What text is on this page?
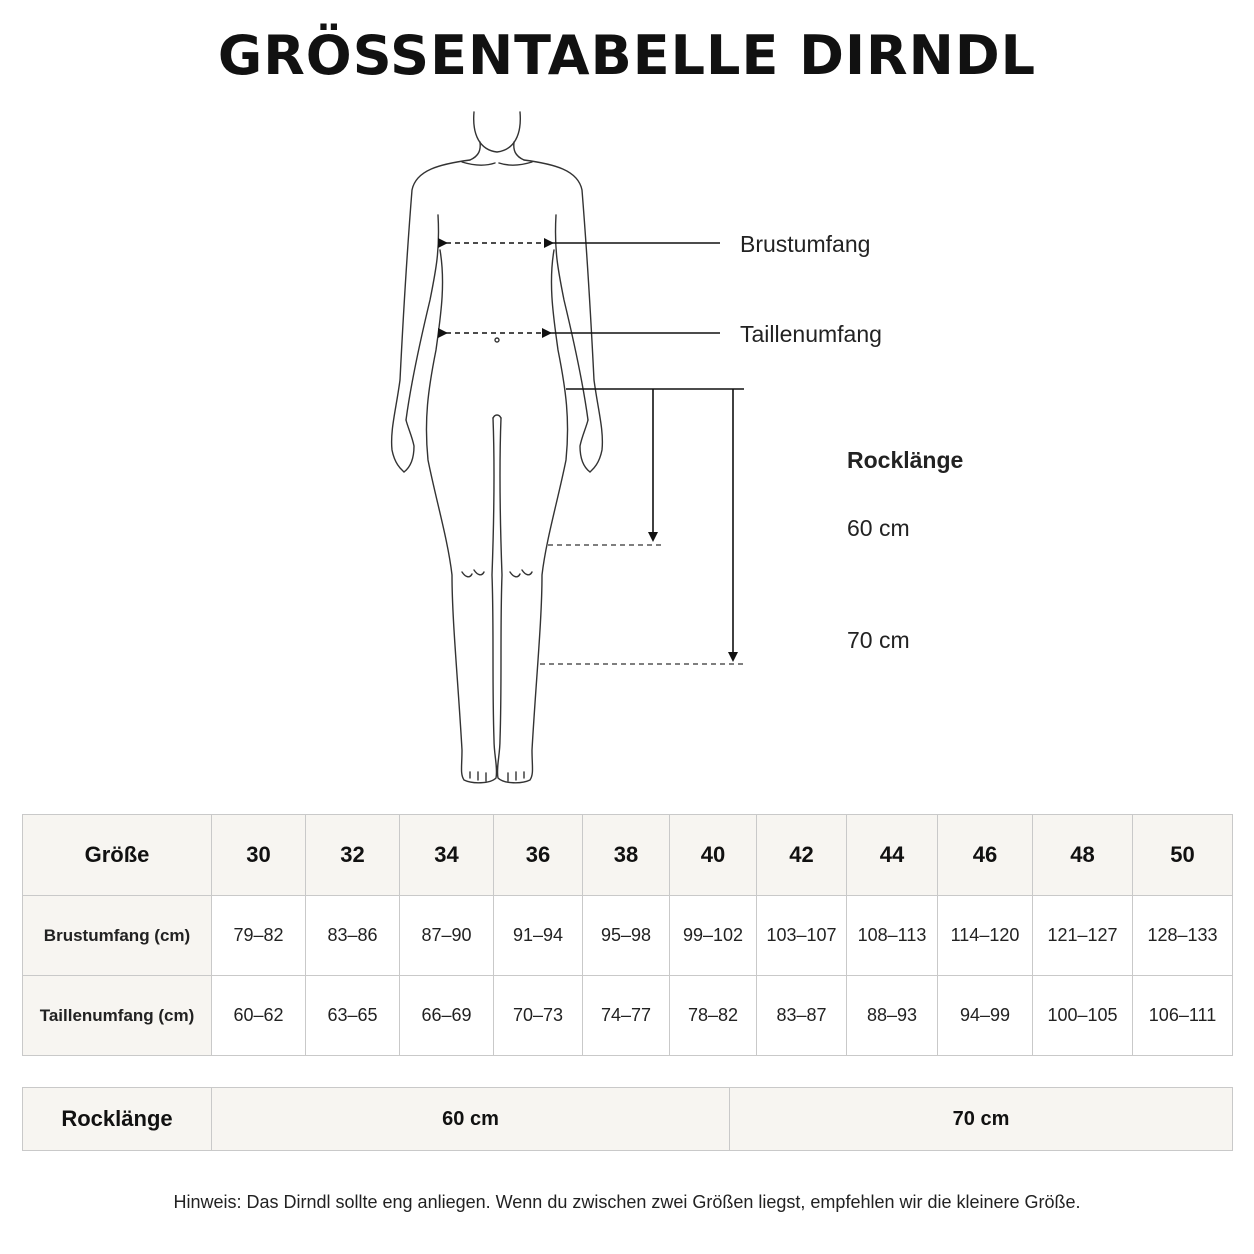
GRÖSSENTABELLE DIRNDL
Brustumfang
Taillenumfang
Rocklänge
60 cm
70 cm
Größe	30	32	34	36	38	40	42	44	46	48	50
Brustumfang (cm)	79–82	83–86	87–90	91–94	95–98	99–102	103–107	108–113	114–120	121–127	128–133
Taillenumfang (cm)	60–62	63–65	66–69	70–73	74–77	78–82	83–87	88–93	94–99	100–105	106–111
Rocklänge	60 cm	70 cm
Hinweis: Das Dirndl sollte eng anliegen. Wenn du zwischen zwei Größen liegst, empfehlen wir die kleinere Größe.
